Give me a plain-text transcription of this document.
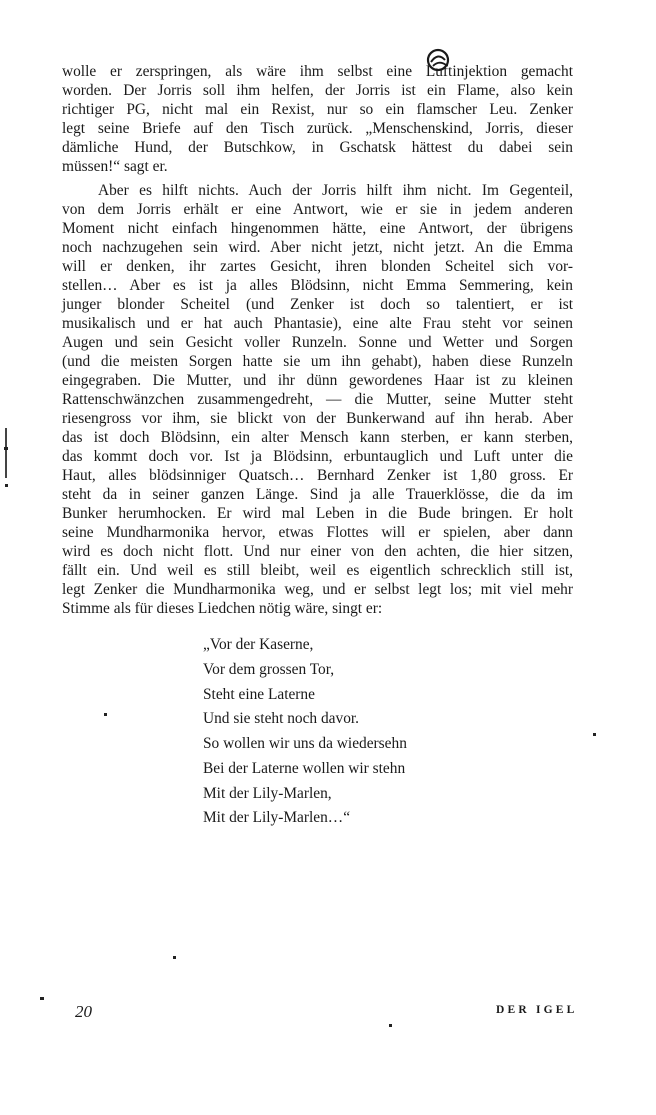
wolle er zerspringen, als wäre ihm selbst eine Luftinjektion gemacht
worden. Der Jorris soll ihm helfen, der Jorris ist ein Flame, also kein
richtiger PG, nicht mal ein Rexist, nur so ein flamscher Leu. Zenker
legt seine Briefe auf den Tisch zurück. „Menschenskind, Jorris, dieser
dämliche Hund, der Butschkow, in Gschatsk hättest du dabei sein
müssen!“ sagt er.
Aber es hilft nichts. Auch der Jorris hilft ihm nicht. Im Gegenteil,
von dem Jorris erhält er eine Antwort, wie er sie in jedem anderen
Moment nicht einfach hingenommen hätte, eine Antwort, der übrigens
noch nachzugehen sein wird. Aber nicht jetzt, nicht jetzt. An die Emma
will er denken, ihr zartes Gesicht, ihren blonden Scheitel sich vor-
stellen… Aber es ist ja alles Blödsinn, nicht Emma Semmering, kein
junger blonder Scheitel (und Zenker ist doch so talentiert, er ist
musikalisch und er hat auch Phantasie), eine alte Frau steht vor seinen
Augen und sein Gesicht voller Runzeln. Sonne und Wetter und Sorgen
(und die meisten Sorgen hatte sie um ihn gehabt), haben diese Runzeln
eingegraben. Die Mutter, und ihr dünn gewordenes Haar ist zu kleinen
Rattenschwänzchen zusammengedreht, — die Mutter, seine Mutter steht
riesengross vor ihm, sie blickt von der Bunkerwand auf ihn herab. Aber
das ist doch Blödsinn, ein alter Mensch kann sterben, er kann sterben,
das kommt doch vor. Ist ja Blödsinn, erbuntauglich und Luft unter die
Haut, alles blödsinniger Quatsch… Bernhard Zenker ist 1,80 gross. Er
steht da in seiner ganzen Länge. Sind ja alle Trauerklösse, die da im
Bunker herumhocken. Er wird mal Leben in die Bude bringen. Er holt
seine Mundharmonika hervor, etwas Flottes will er spielen, aber dann
wird es doch nicht flott. Und nur einer von den achten, die hier sitzen,
fällt ein. Und weil es still bleibt, weil es eigentlich schrecklich still ist,
legt Zenker die Mundharmonika weg, und er selbst legt los; mit viel mehr
Stimme als für dieses Liedchen nötig wäre, singt er:
„Vor der Kaserne,
Vor dem grossen Tor,
Steht eine Laterne
Und sie steht noch davor.
So wollen wir uns da wiedersehn
Bei der Laterne wollen wir stehn
Mit der Lily-Marlen,
Mit der Lily-Marlen…“
20	DER IGEL
